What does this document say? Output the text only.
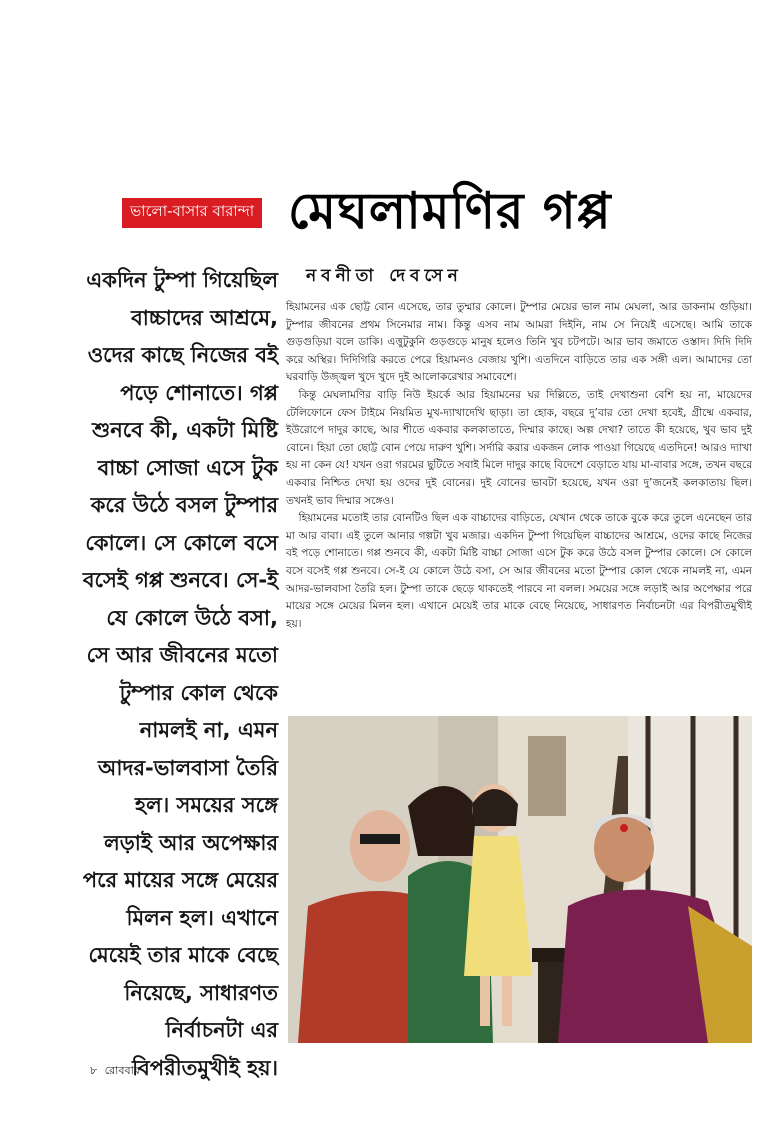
ভালো-বাসার বারান্দা মেঘলামণির গপ্প
নবনীতা দেবসেন
একদিন টুম্পা গিয়েছিল বাচ্চাদের আশ্রমে, ওদের কাছে নিজের বই পড়ে শোনাতে। গপ্প শুনবে কী, একটা মিষ্টি বাচ্চা সোজা এসে টুক করে উঠে বসল টুম্পার কোলে। সে কোলে বসে বসেই গপ্প শুনবে। সে-ই যে কোলে উঠে বসা, সে আর জীবনের মতো টুম্পার কোল থেকে নামলই না, এমন আদর-ভালবাসা তৈরি হল। সময়ের সঙ্গে লড়াই আর অপেক্ষার পরে মায়ের সঙ্গে মেয়ের মিলন হল। এখানে মেয়েই তার মাকে বেছে নিয়েছে, সাধারণত নির্বাচনটা এর বিপরীতমুখীই হয়।

হিয়ামনের এক ছোট্ট বোন এসেছে, তার তুম্মার কোলে। টুম্পার মেয়ের ভাল নাম মেঘলা, আর ডাকনাম গুড়িয়া। টুম্পার জীবনের প্রথম সিনেমার নাম। কিন্তু এসব নাম আমরা দিইনি, নাম সে নিয়েই এসেছে। আমি তাকে গুড়গুড়িয়া বলে ডাকি। এত্তুটুকুনি গুড়গুড়ে মানুষ হলেও তিনি খুব চটপটে। আর ভাব জমাতে ওস্তাদ। দিদি দিদি করে অস্থির। দিদিগিরি করতে পেরে হিয়ামনও বেজায় খুশি। এতদিনে বাড়িতে তার এক সঙ্গী এল। আমাদের তো ঘরবাড়ি উজ্জ্বল খুদে খুদে দুই আলোকরেখার সমাবেশে।

কিন্তু মেঘলামণির বাড়ি নিউ ইয়র্কে আর হিয়ামনের ঘর দিল্লিতে, তাই দেখাশুনা বেশি হয় না, মায়েদের টেলিফোনে ফেস টাইমে নিয়মিত মুখ-দ্যাখাদেখি ছাড়া। তা হোক, বছরে দু’বার তো দেখা হবেই, গ্রীষ্মে একবার, ইউরোপে দাদুর কাছে, আর শীতে একবার কলকাতাতে, দিম্মার কাছে। অল্প দেখা? তাতে কী হয়েছে, খুব ভাব দুই বোনে। হিয়া তো ছোট্ট বোন পেয়ে দারুণ খুশি। সর্দারি করার একজন লোক পাওয়া গিয়েছে এতদিনে! আরও দ্যাখা হয় না কেন যে! যখন ওরা গরমের ছুটিতে সবাই মিলে দাদুর কাছে বিদেশে বেড়াতে যায় মা-বাবার সঙ্গে, তখন বছরে একবার নিশ্চিত দেখা হয় ওদের দুই বোনের। দুই বোনের ভাবটা হয়েছে, যখন ওরা দু’জনেই কলকাতায় ছিল। তখনই ভাব দিম্মার সঙ্গেও।

হিয়ামনের মতোই তার বোনটিও ছিল এক বাচ্চাদের বাড়িতে, যেখান থেকে তাকে বুকে করে তুলে এনেছেন তার মা আর বাবা। এই তুলে আনার গল্পটা খুব মজার। একদিন টুম্পা গিয়েছিল বাচ্চাদের আশ্রমে, ওদের কাছে নিজের বই পড়ে শোনাতে। গপ্প শুনবে কী, একটা মিষ্টি বাচ্চা সোজা এসে টুক করে উঠে বসল টুম্পার কোলে। সে কোলে বসে বসেই গপ্প শুনবে। সে-ই যে কোলে উঠে বসা, সে আর জীবনের মতো টুম্পার কোল থেকে নামলই না, এমন আদর-ভালবাসা তৈরি হল। টুম্পা তাকে ছেড়ে থাকতেই পারবে না বলল। সময়ের সঙ্গে লড়াই আর অপেক্ষার পরে মায়ের সঙ্গে মেয়ের মিলন হল। এখানে মেয়েই তার মাকে বেছে নিয়েছে, সাধারণত নির্বাচনটা এর বিপরীতমুখীই হয়।

৮ রোববার
